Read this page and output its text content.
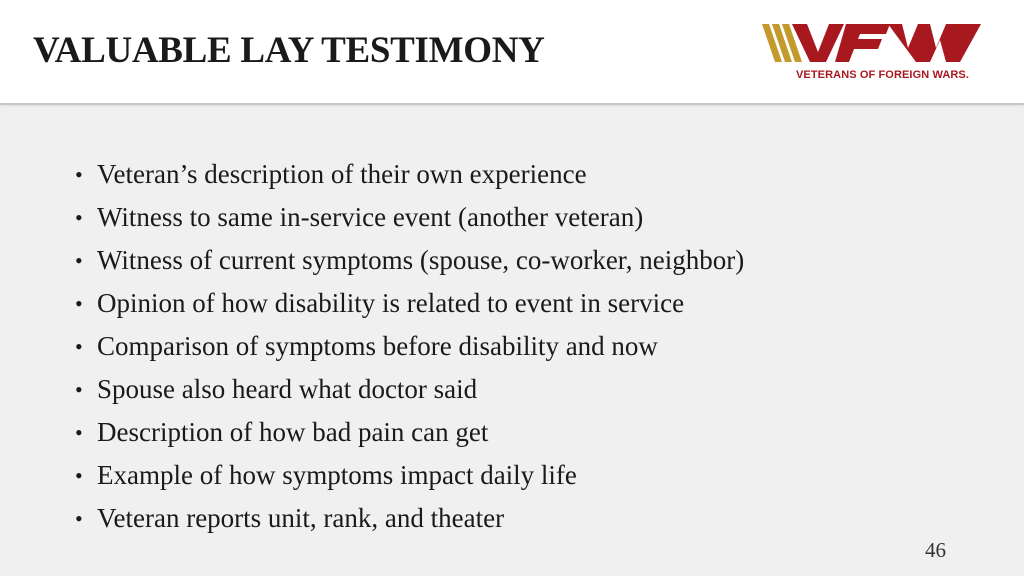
VALUABLE LAY TESTIMONY
VETERANS OF FOREIGN WARS.
• Veteran’s description of their own experience
• Witness to same in-service event (another veteran)
• Witness of current symptoms (spouse, co-worker, neighbor)
• Opinion of how disability is related to event in service
• Comparison of symptoms before disability and now
• Spouse also heard what doctor said
• Description of how bad pain can get
• Example of how symptoms impact daily life
• Veteran reports unit, rank, and theater
46
